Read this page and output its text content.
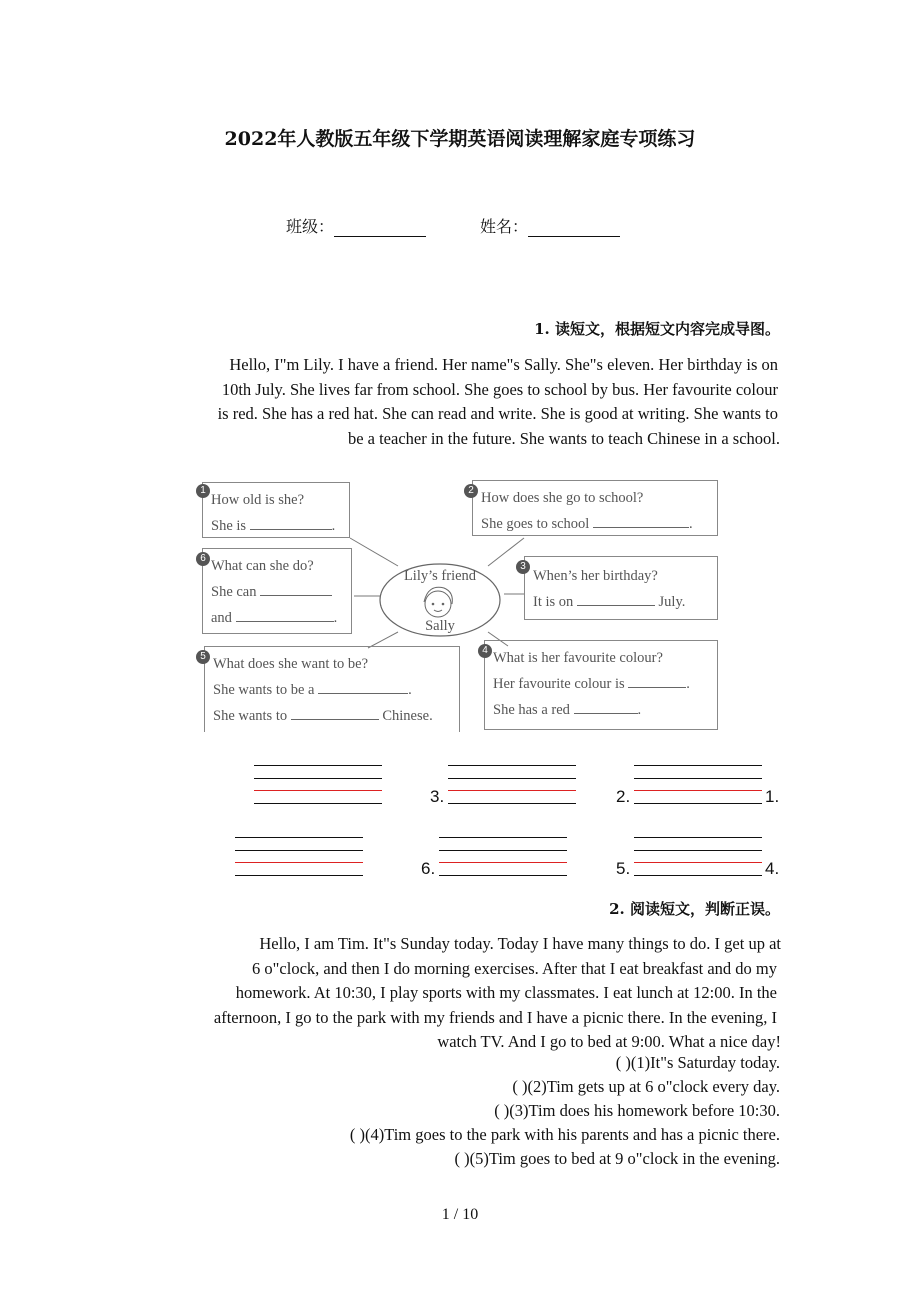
2022年人教版五年级下学期英语阅读理解家庭专项练习
班级：	姓名：
1. 读短文，根据短文内容完成导图。
Hello, I"m Lily. I have a friend. Her name"s Sally. She"s eleven. Her birthday is on
10th July. She lives far from school. She goes to school by bus. Her favourite colour
is red. She has a red hat. She can read and write. She is good at writing. She wants to
be a teacher in the future. She wants to teach Chinese in a school.
Lily’s friend
Sally
How old is she?
She is	.
1	How does she go to school?
She goes to school	.
2
When’s her birthday?
It is on	July.
3
What is her favourite colour?
Her favourite colour is	.
She has a red	.
4
What does she want to be?
She wants to be a	.
She wants to	Chinese.
5
What can she do?
She can
and	.
6
3.	2.	1.
6.	5.	4.
2. 阅读短文，判断正误。
Hello, I am Tim. It"s Sunday today. Today I have many things to do. I get up at
6 o"clock, and then I do morning exercises. After that I eat breakfast and do my
homework. At 10:30, I play sports with my classmates. I eat lunch at 12:00. In the
afternoon, I go to the park with my friends and I have a picnic there. In the evening, I
watch TV. And I go to bed at 9:00. What a nice day!
( )(1)It"s Saturday today.
( )(2)Tim gets up at 6 o"clock every day.
( )(3)Tim does his homework before 10:30.
( )(4)Tim goes to the park with his parents and has a picnic there.
( )(5)Tim goes to bed at 9 o"clock in the evening.
1 / 10
